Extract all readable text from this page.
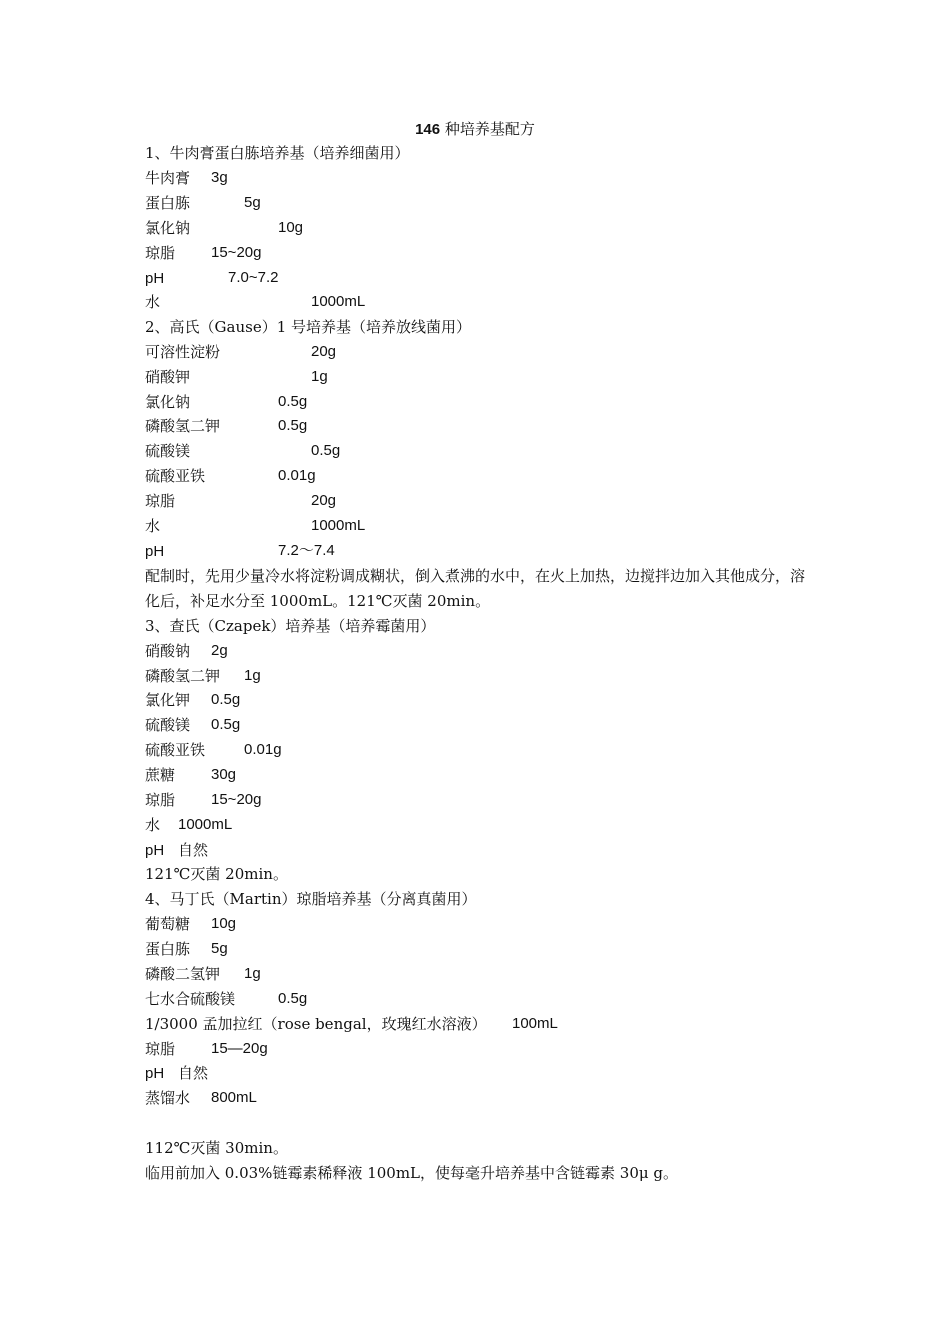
146 种培养基配方
1、牛肉膏蛋白胨培养基（培养细菌用）
牛肉膏 3g
蛋白胨	5g
氯化钠	10g
琼脂 15~20g
pH	7.0~7.2
水	1000mL
2、高氏（Gause）1 号培养基（培养放线菌用）
可溶性淀粉	20g
硝酸钾	1g
氯化钠	0.5g
磷酸氢二钾	0.5g
硫酸镁	0.5g
硫酸亚铁	0.01g
琼脂	20g
水	1000mL
pH	7.2～7.4
配制时，先用少量冷水将淀粉调成糊状，倒入煮沸的水中，在火上加热，边搅拌边加入其他成分，溶化后，补足水分至 1000mL。121℃灭菌 20min。
3、查氏（Czapek）培养基（培养霉菌用）
硝酸钠 2g
磷酸氢二钾 1g
氯化钾 0.5g
硫酸镁 0.5g
硫酸亚铁	0.01g
蔗糖 30g
琼脂 15~20g
水 1000mL
pH 自然
121℃灭菌 20min。
4、马丁氏（Martin）琼脂培养基（分离真菌用）
葡萄糖 10g
蛋白胨 5g
磷酸二氢钾 1g
七水合硫酸镁	0.5g
1/3000 孟加拉红（rose bengal，玫瑰红水溶液） 100mL
琼脂 15—20g
pH 自然
蒸馏水 800mL
112℃灭菌 30min。
临用前加入 0.03%链霉素稀释液 100mL，使每毫升培养基中含链霉素 30μ g。
